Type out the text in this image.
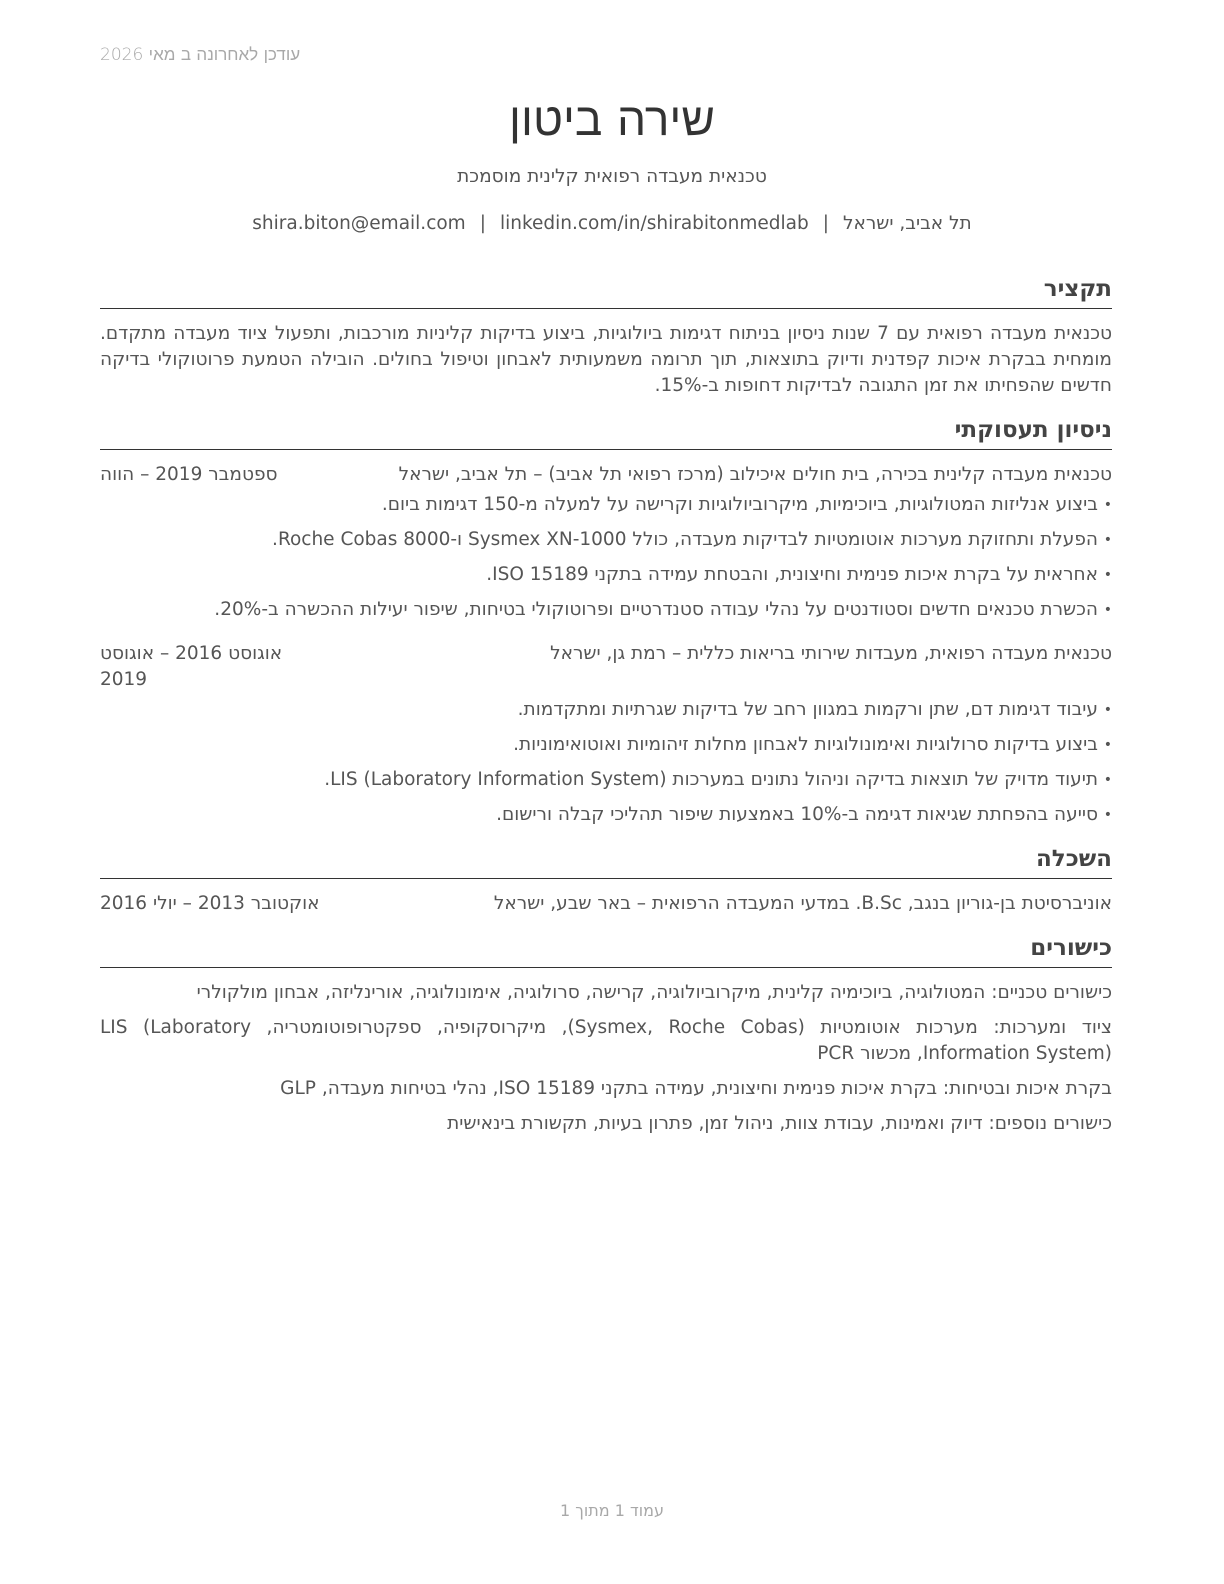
עודכן לאחרונה ב מאי 2026
שירה ביטון
טכנאית מעבדה רפואית קלינית מוסמכת
תל אביב, ישראל|shira.biton@email.com | linkedin.com/in/shirabitonmedlab
תקציר
טכנאית מעבדה רפואית עם 7 שנות ניסיון בניתוח דגימות ביולוגיות, ביצוע בדיקות קליניות מורכבות, ותפעול ציוד מעבדה מתקדם. מומחית בבקרת איכות קפדנית ודיוק בתוצאות, תוך תרומה משמעותית לאבחון וטיפול בחולים. הובילה הטמעת פרוטוקולי בדיקה חדשים שהפחיתו את זמן התגובה לבדיקות דחופות ב-15%.
ניסיון תעסוקתי
טכנאית מעבדה קלינית בכירה, בית חולים איכילוב (מרכז רפואי תל אביב) – תל אביב, ישראל
ספטמבר 2019 – הווה
• ביצוע אנליזות המטולוגיות, ביוכימיות, מיקרוביולוגיות וקרישה על למעלה מ-150 דגימות ביום.
• הפעלת ותחזוקת מערכות אוטומטיות לבדיקות מעבדה, כולל Sysmex XN-1000 ו-Roche Cobas 8000.
• אחראית על בקרת איכות פנימית וחיצונית, והבטחת עמידה בתקני ISO 15189.
• הכשרת טכנאים חדשים וסטודנטים על נהלי עבודה סטנדרטיים ופרוטוקולי בטיחות, שיפור יעילות ההכשרה ב-20%.
טכנאית מעבדה רפואית, מעבדות שירותי בריאות כללית – רמת גן, ישראל
אוגוסט 2016 – אוגוסט 2019
• עיבוד דגימות דם, שתן ורקמות במגוון רחב של בדיקות שגרתיות ומתקדמות.
• ביצוע בדיקות סרולוגיות ואימונולוגיות לאבחון מחלות זיהומיות ואוטואימוניות.
• תיעוד מדויק של תוצאות בדיקה וניהול נתונים במערכות LIS (Laboratory Information System).
• סייעה בהפחתת שגיאות דגימה ב-10% באמצעות שיפור תהליכי קבלה ורישום.
השכלה
אוניברסיטת בן-גוריון בנגב, B.Sc. במדעי המעבדה הרפואית – באר שבע, ישראל
אוקטובר 2013 – יולי 2016
כישורים
כישורים טכניים: המטולוגיה, ביוכימיה קלינית, מיקרוביולוגיה, קרישה, סרולוגיה, אימונולוגיה, אורינליזה, אבחון מולקולרי
ציוד ומערכות: מערכות אוטומטיות (Sysmex, Roche Cobas), מיקרוסקופיה, ספקטרופוטומטריה, LIS (Laboratory Information System), מכשור PCR
בקרת איכות ובטיחות: בקרת איכות פנימית וחיצונית, עמידה בתקני ISO 15189, נהלי בטיחות מעבדה, GLP
כישורים נוספים: דיוק ואמינות, עבודת צוות, ניהול זמן, פתרון בעיות, תקשורת בינאישית
עמוד 1 מתוך 1
